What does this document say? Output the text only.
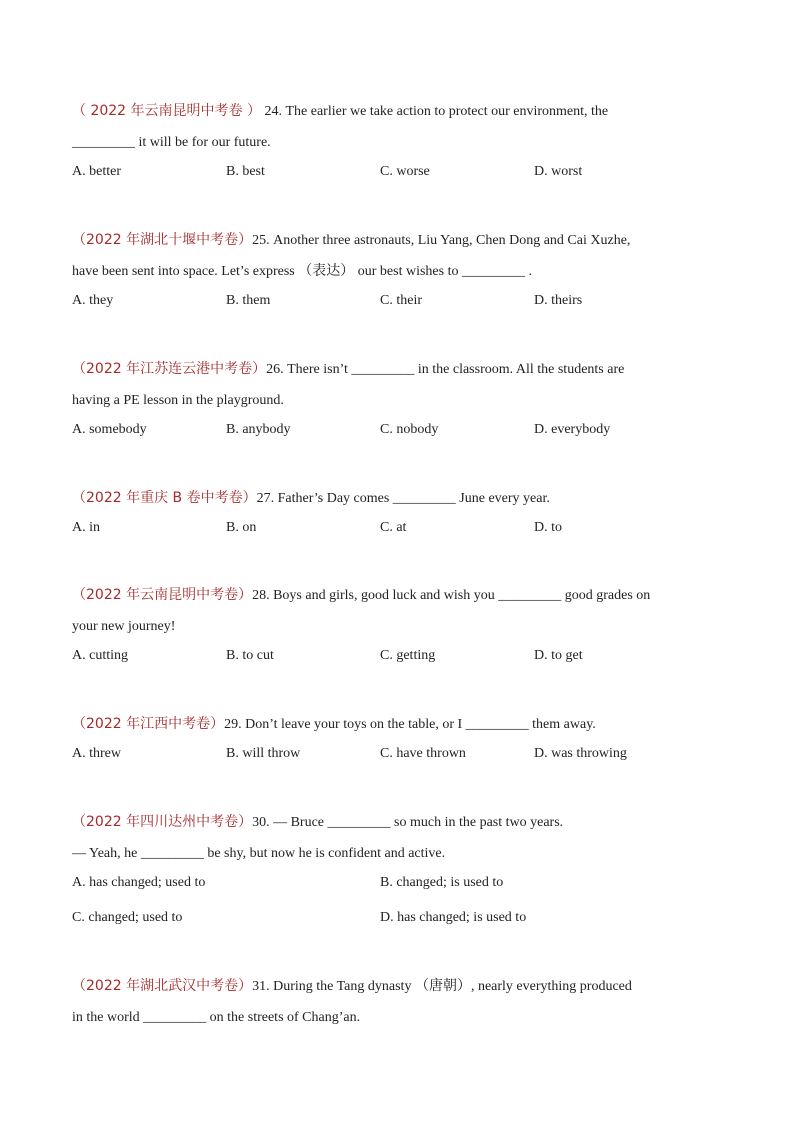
（ 2022 年云南昆明中考卷 ） 24. The earlier we take action to protect our environment, the
_________ it will be for our future.
A. better	B. best	C. worse	D. worst
（2022 年湖北十堰中考卷）25. Another three astronauts, Liu Yang, Chen Dong and Cai Xuzhe,
have been sent into space. Let’s express （表达） our best wishes to _________ .
A. they	B. them	C. their	D. theirs
（2022 年江苏连云港中考卷）26. There isn’t _________ in the classroom. All the students are
having a PE lesson in the playground.
A. somebody	B. anybody	C. nobody	D. everybody
（2022 年重庆 B 卷中考卷）27. Father’s Day comes _________ June every year.
A. in	B. on	C. at	D. to
（2022 年云南昆明中考卷）28. Boys and girls, good luck and wish you _________ good grades on
your new journey!
A. cutting	B. to cut	C. getting	D. to get
（2022 年江西中考卷）29. Don’t leave your toys on the table, or I _________ them away.
A. threw	B. will throw	C. have thrown	D. was throwing
（2022 年四川达州中考卷）30. — Bruce _________ so much in the past two years.
— Yeah, he _________ be shy, but now he is confident and active.
A. has changed; used to	B. changed; is used to
C. changed; used to	D. has changed; is used to
（2022 年湖北武汉中考卷）31. During the Tang dynasty （唐朝）, nearly everything produced
in the world _________ on the streets of Chang’an.
